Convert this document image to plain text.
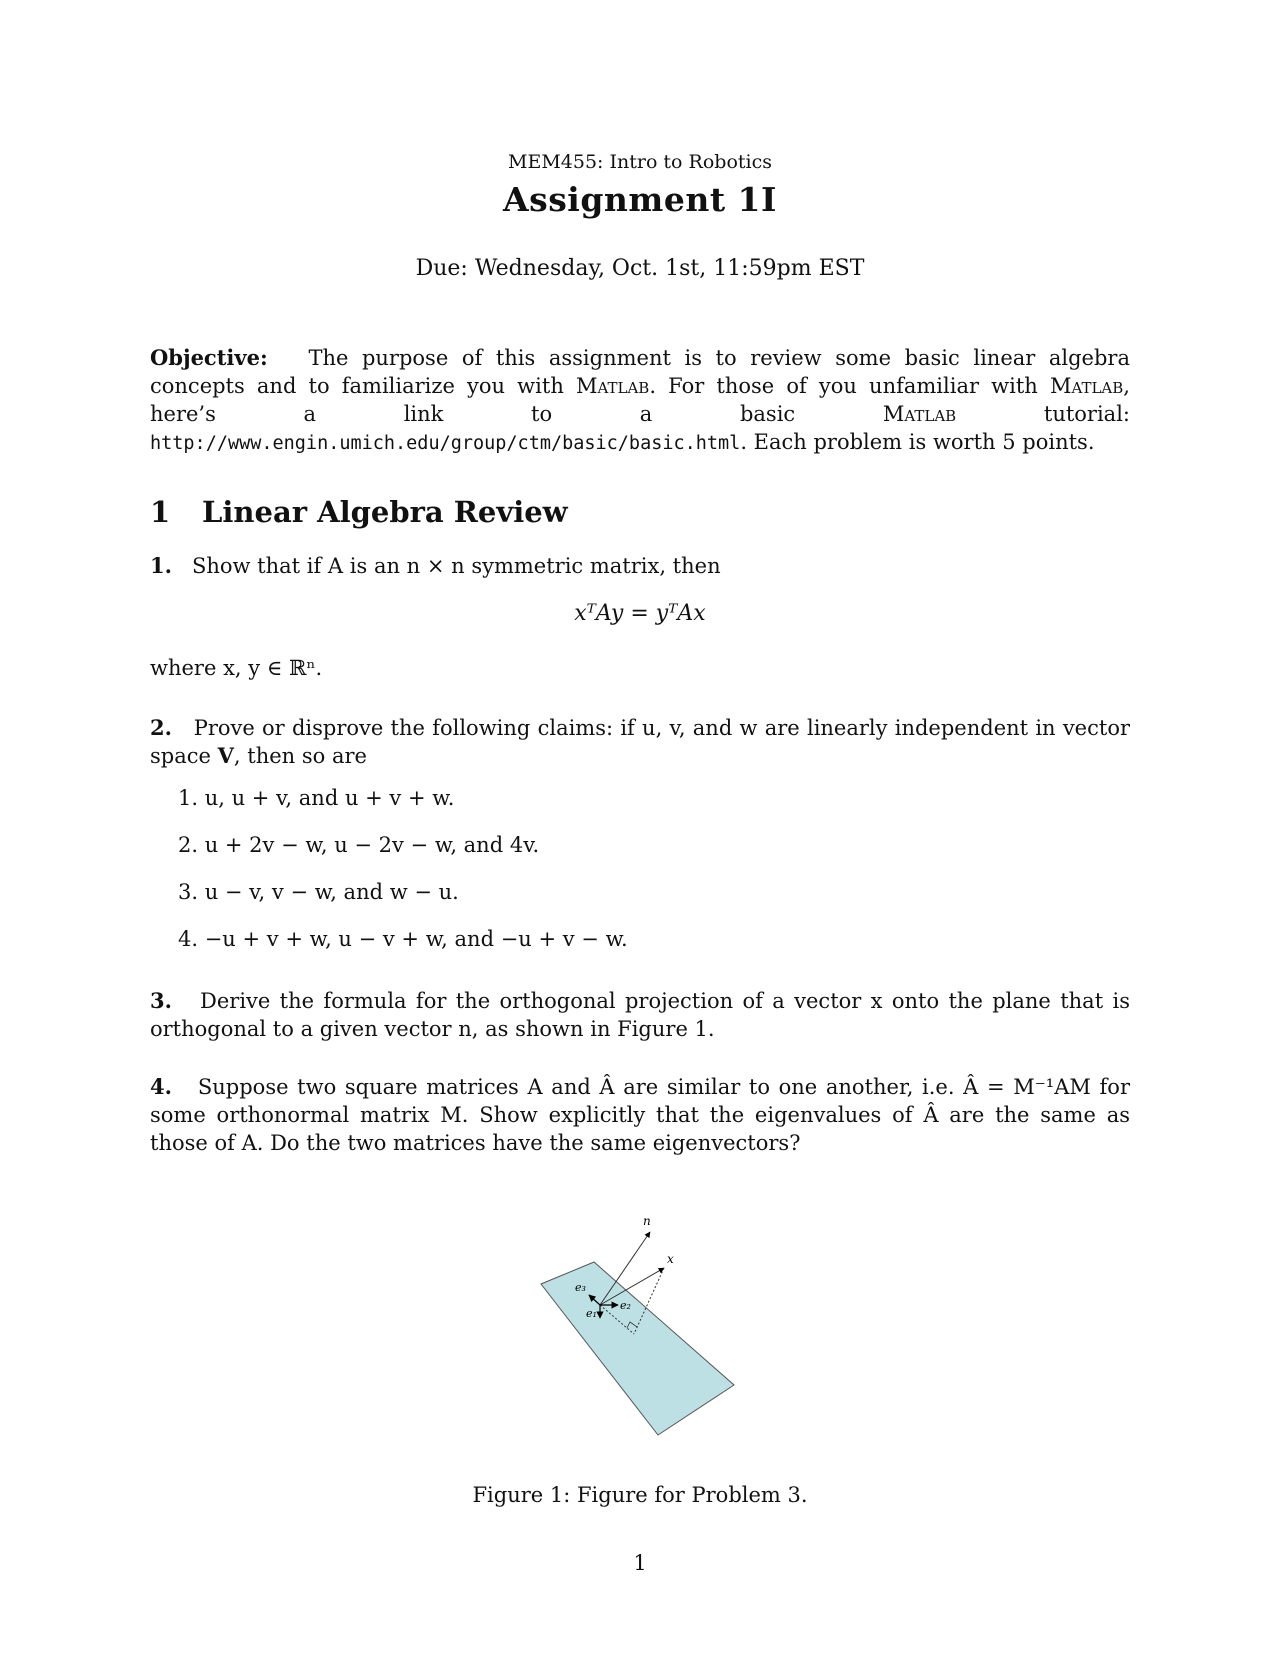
MEM455: Intro to Robotics
Assignment 1I
Due: Wednesday, Oct. 1st, 11:59pm EST
Objective: The purpose of this assignment is to review some basic linear algebra concepts and to familiarize you with Matlab. For those of you unfamiliar with Matlab, here’s a link to a basic	Matlab	tutorial: http://www.engin.umich.edu/group/ctm/basic/basic.html. Each problem is worth 5 points.
1 Linear Algebra Review
1. Show that if A is an n × n symmetric matrix, then
xᵀAy = yᵀAx
where x, y ∈ ℝⁿ.
2. Prove or disprove the following claims: if u, v, and w are linearly independent in vector space V, then so are
1. u, u + v, and u + v + w.
2. u + 2v − w, u − 2v − w, and 4v.
3. u − v, v − w, and w − u.
4. −u + v + w, u − v + w, and −u + v − w.
3. Derive the formula for the orthogonal projection of a vector x onto the plane that is orthogonal to a given vector n, as shown in Figure 1.
4. Suppose two square matrices A and Â are similar to one another, i.e. Â = M⁻¹AM for some orthonormal matrix M. Show explicitly that the eigenvalues of Â are the same as those of A. Do the two matrices have the same eigenvectors?
n
x
e₃
e₂
e₁
Figure 1: Figure for Problem 3.
1
